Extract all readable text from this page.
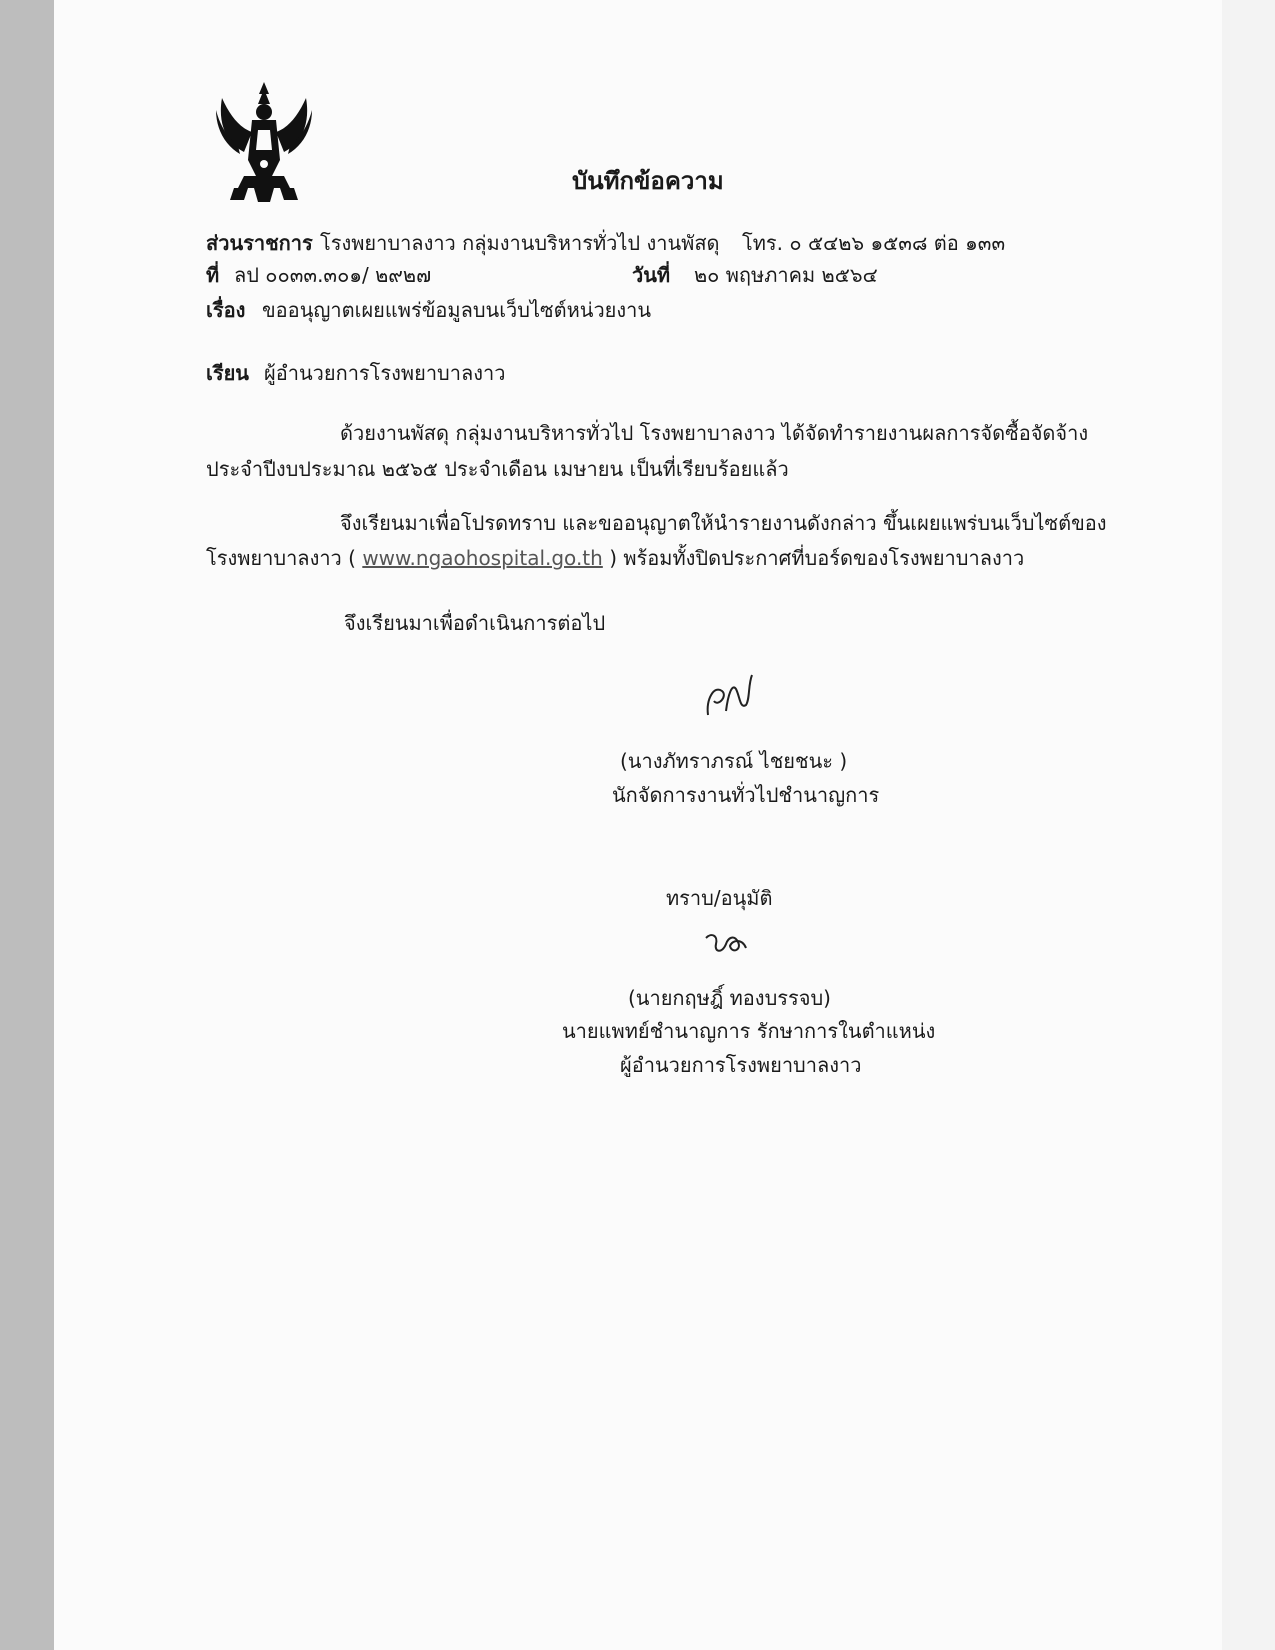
บันทึกข้อความ
ส่วนราชการ โรงพยาบาลงาว กลุ่มงานบริหารทั่วไป งานพัสดุ โทร. ๐ ๕๔๒๖ ๑๕๓๘ ต่อ ๑๓๓
ที่ ลป ๐๐๓๓.๓๐๑/ ๒๙๒๗	วันที่ ๒๐ พฤษภาคม ๒๕๖๔
เรื่อง ขออนุญาตเผยแพร่ข้อมูลบนเว็บไซต์หน่วยงาน
เรียน ผู้อำนวยการโรงพยาบาลงาว
ด้วยงานพัสดุ กลุ่มงานบริหารทั่วไป โรงพยาบาลงาว ได้จัดทำรายงานผลการจัดซื้อจัดจ้าง
ประจำปีงบประมาณ ๒๕๖๕ ประจำเดือน เมษายน เป็นที่เรียบร้อยแล้ว
จึงเรียนมาเพื่อโปรดทราบ และขออนุญาตให้นำรายงานดังกล่าว ขึ้นเผยแพร่บนเว็บไซต์ของ
โรงพยาบาลงาว ( www.ngaohospital.go.th ) พร้อมทั้งปิดประกาศที่บอร์ดของโรงพยาบาลงาว
จึงเรียนมาเพื่อดำเนินการต่อไป
(นางภัทราภรณ์ ไชยชนะ )
นักจัดการงานทั่วไปชำนาญการ
ทราบ/อนุมัติ
(นายกฤษฎิ์ ทองบรรจบ)
นายแพทย์ชำนาญการ รักษาการในตำแหน่ง
ผู้อำนวยการโรงพยาบาลงาว
